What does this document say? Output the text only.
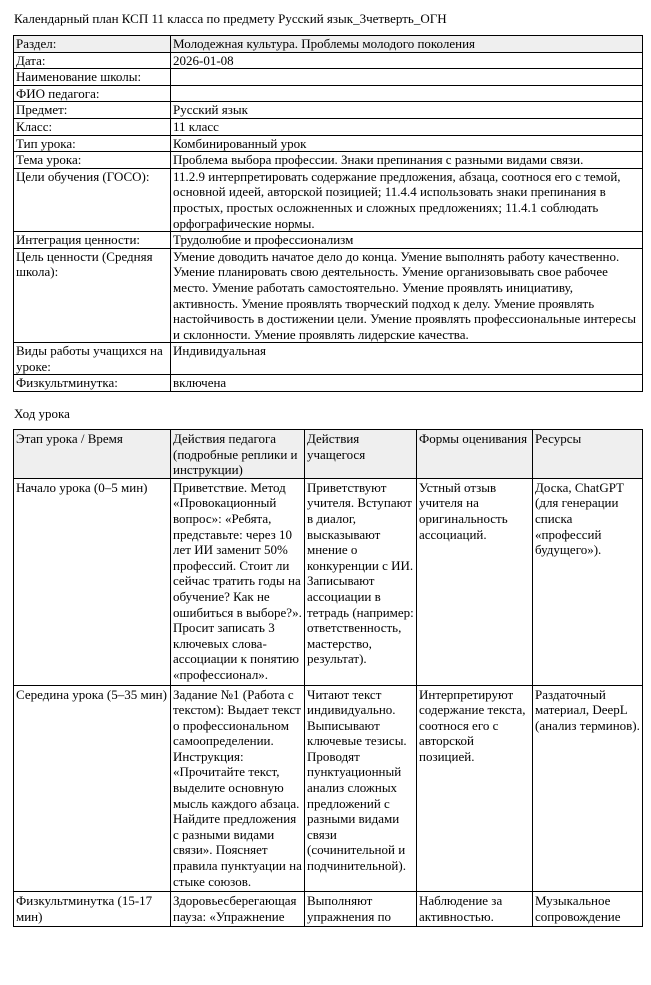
Календарный план КСП 11 класса по предмету Русский язык_3четверть_ОГН
Раздел:	Молодежная культура. Проблемы молодого поколения
Дата:	2026-01-08
Наименование школы:	
ФИО педагога:	
Предмет:	Русский язык
Класс:	11 класс
Тип урока:	Комбинированный урок
Тема урока:	Проблема выбора профессии. Знаки препинания с разными видами связи.
Цели обучения (ГОСО):	11.2.9 интерпретировать содержание предложения, абзаца, соотнося его с темой, основной идеей, авторской позицией; 11.4.4 использовать знаки препинания в простых, простых осложненных и сложных предложениях; 11.4.1 соблюдать орфографические нормы.
Интеграция ценности:	Трудолюбие и профессионализм
Цель ценности (Средняя школа):	Умение доводить начатое дело до конца. Умение выполнять работу качественно. Умение планировать свою деятельность. Умение организовывать свое рабочее место. Умение работать самостоятельно. Умение проявлять инициативу, активность. Умение проявлять творческий подход к делу. Умение проявлять настойчивость в достижении цели. Умение проявлять профессиональные интересы и склонности. Умение проявлять лидерские качества.
Виды работы учащихся на уроке:	Индивидуальная
Физкультминутка:	включена
Ход урока
Этап урока / Время	Действия педагога (подробные реплики и инструкции)	Действия учащегося	Формы оценивания	Ресурсы
Начало урока (0–5 мин)	Приветствие. Метод «Провокационный вопрос»: «Ребята, представьте: через 10 лет ИИ заменит 50% профессий. Стоит ли сейчас тратить годы на обучение? Как не ошибиться в выборе?». Просит записать 3 ключевых слова-ассоциации к понятию «профессионал».	Приветствуют учителя. Вступают в диалог, высказывают мнение о конкуренции с ИИ. Записывают ассоциации в тетрадь (например: ответственность, мастерство, результат).	Устный отзыв учителя на оригинальность ассоциаций.	Доска, ChatGPT (для генерации списка «профессий будущего»).
Середина урока (5–35 мин)	Задание №1 (Работа с текстом): Выдает текст о профессиональном самоопределении. Инструкция: «Прочитайте текст, выделите основную мысль каждого абзаца. Найдите предложения с разными видами связи». Поясняет правила пунктуации на стыке союзов.	Читают текст индивидуально. Выписывают ключевые тезисы. Проводят пунктуационный анализ сложных предложений с разными видами связи (сочинительной и подчинительной).	Интерпретируют содержание текста, соотнося его с авторской позицией.	Раздаточный материал, DeepL (анализ терминов).
Физкультминутка (15-17 мин)	Здоровьесберегающая пауза: «Упражнение	Выполняют упражнения по	Наблюдение за активностью.	Музыкальное сопровождение
